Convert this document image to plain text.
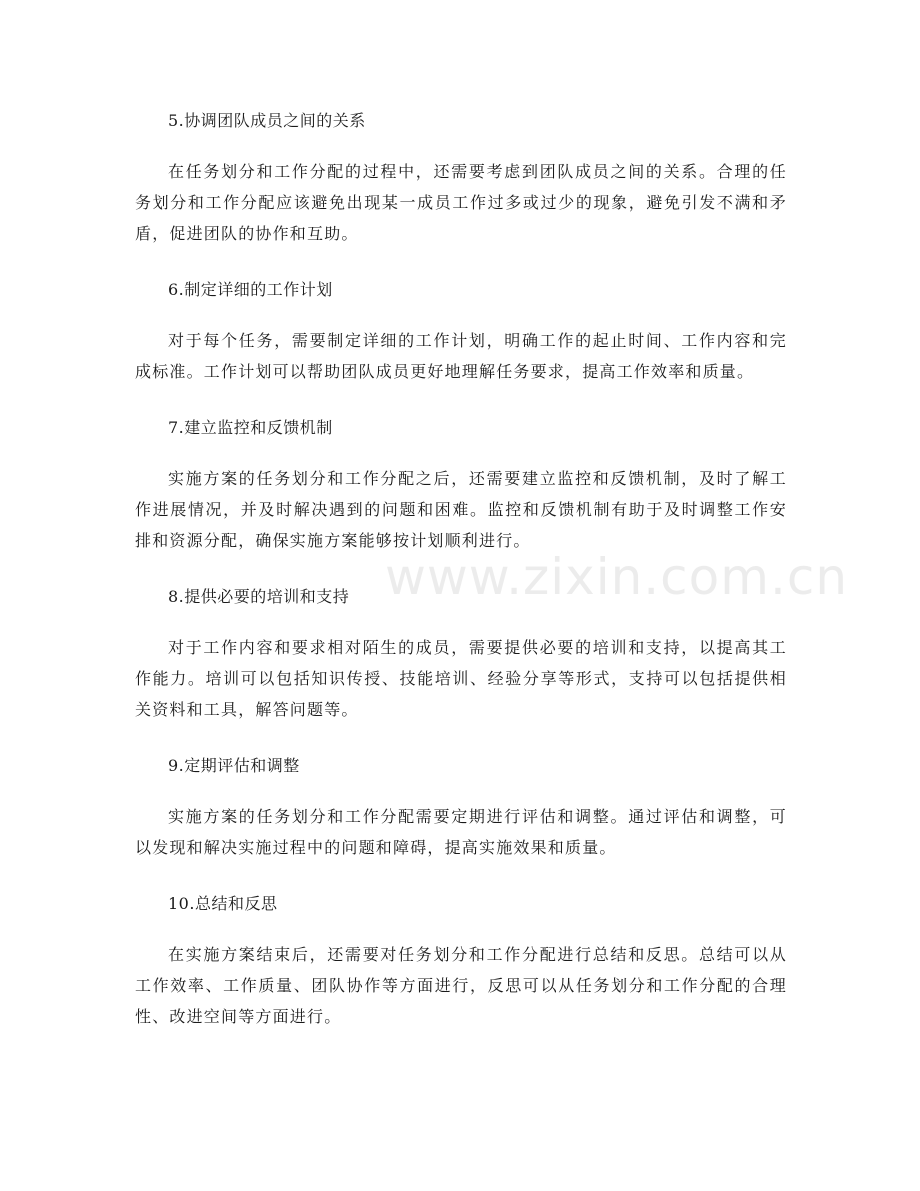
5.协调团队成员之间的关系

在任务划分和工作分配的过程中，还需要考虑到团队成员之间的关系。合理的任务划分和工作分配应该避免出现某一成员工作过多或过少的现象，避免引发不满和矛盾，促进团队的协作和互助。

6.制定详细的工作计划

对于每个任务，需要制定详细的工作计划，明确工作的起止时间、工作内容和完成标准。工作计划可以帮助团队成员更好地理解任务要求，提高工作效率和质量。

7.建立监控和反馈机制

实施方案的任务划分和工作分配之后，还需要建立监控和反馈机制，及时了解工作进展情况，并及时解决遇到的问题和困难。监控和反馈机制有助于及时调整工作安排和资源分配，确保实施方案能够按计划顺利进行。

8.提供必要的培训和支持

对于工作内容和要求相对陌生的成员，需要提供必要的培训和支持，以提高其工作能力。培训可以包括知识传授、技能培训、经验分享等形式，支持可以包括提供相关资料和工具，解答问题等。

9.定期评估和调整

实施方案的任务划分和工作分配需要定期进行评估和调整。通过评估和调整，可以发现和解决实施过程中的问题和障碍，提高实施效果和质量。

10.总结和反思

在实施方案结束后，还需要对任务划分和工作分配进行总结和反思。总结可以从工作效率、工作质量、团队协作等方面进行，反思可以从任务划分和工作分配的合理性、改进空间等方面进行。

www.zixin.com.cn
